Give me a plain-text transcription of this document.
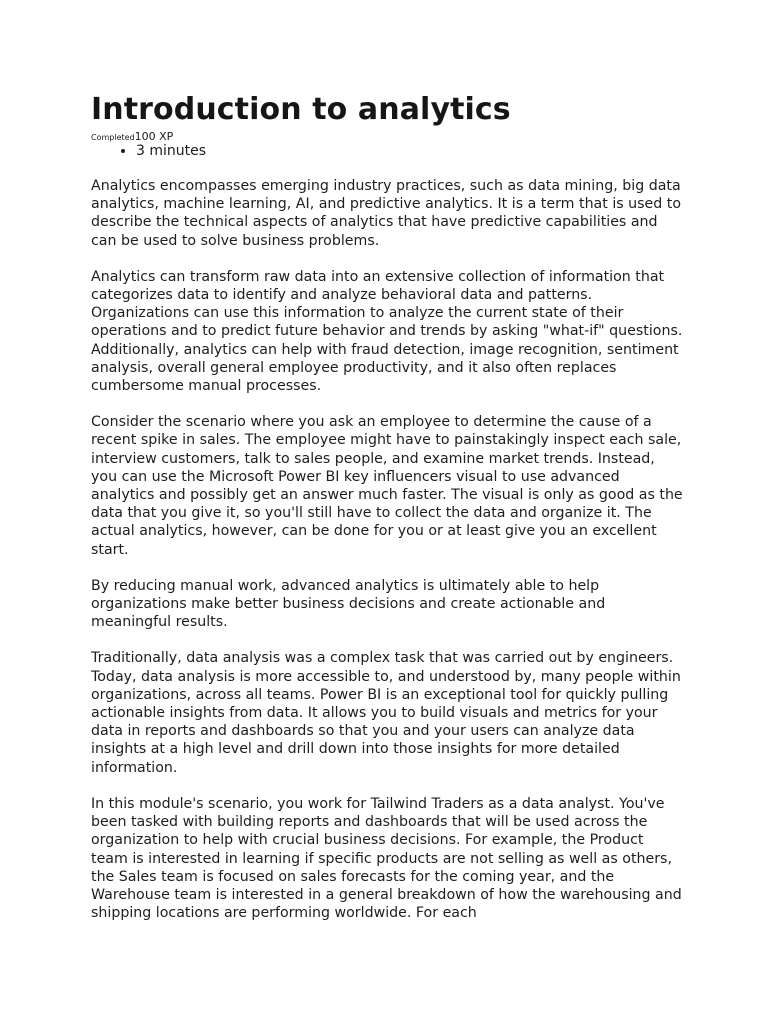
Introduction to analytics
Completed100 XP
• 3 minutes

Analytics encompasses emerging industry practices, such as data mining, big data analytics, machine learning, AI, and predictive analytics. It is a term that is used to describe the technical aspects of analytics that have predictive capabilities and can be used to solve business problems.

Analytics can transform raw data into an extensive collection of information that categorizes data to identify and analyze behavioral data and patterns. Organizations can use this information to analyze the current state of their operations and to predict future behavior and trends by asking "what-if" questions. Additionally, analytics can help with fraud detection, image recognition, sentiment analysis, overall general employee productivity, and it also often replaces cumbersome manual processes.

Consider the scenario where you ask an employee to determine the cause of a recent spike in sales. The employee might have to painstakingly inspect each sale, interview customers, talk to sales people, and examine market trends. Instead, you can use the Microsoft Power BI key influencers visual to use advanced analytics and possibly get an answer much faster. The visual is only as good as the data that you give it, so you'll still have to collect the data and organize it. The actual analytics, however, can be done for you or at least give you an excellent start.

By reducing manual work, advanced analytics is ultimately able to help organizations make better business decisions and create actionable and meaningful results.

Traditionally, data analysis was a complex task that was carried out by engineers. Today, data analysis is more accessible to, and understood by, many people within organizations, across all teams. Power BI is an exceptional tool for quickly pulling actionable insights from data. It allows you to build visuals and metrics for your data in reports and dashboards so that you and your users can analyze data insights at a high level and drill down into those insights for more detailed information.

In this module's scenario, you work for Tailwind Traders as a data analyst. You've been tasked with building reports and dashboards that will be used across the organization to help with crucial business decisions. For example, the Product team is interested in learning if specific products are not selling as well as others, the Sales team is focused on sales forecasts for the coming year, and the Warehouse team is interested in a general breakdown of how the warehousing and shipping locations are performing worldwide. For each
